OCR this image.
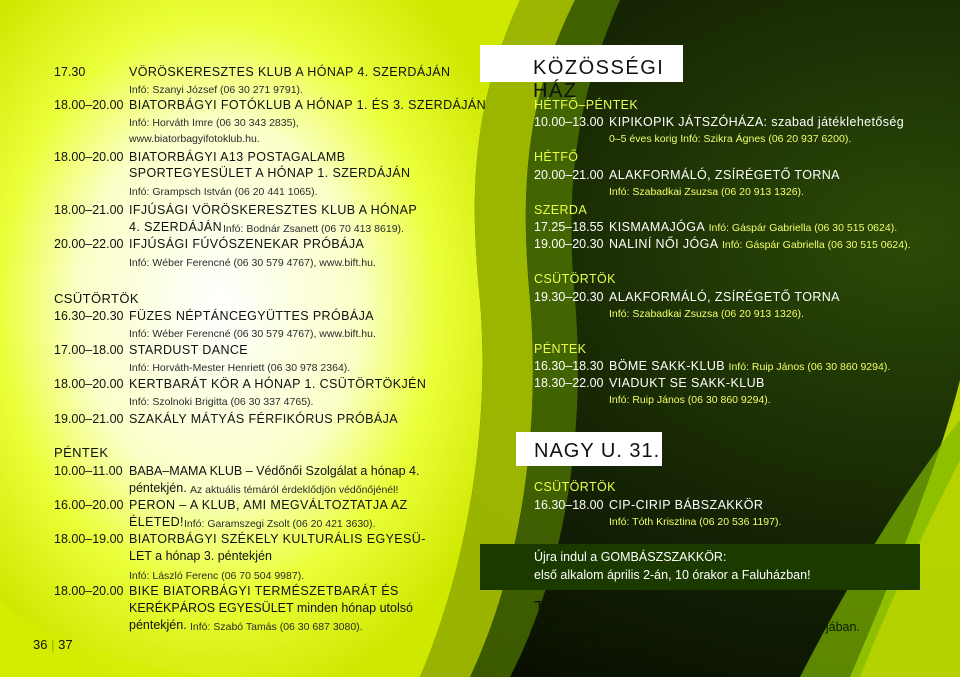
17.30	VÖRÖSKERESZTES KLUB A HÓNAP 4. SZERDÁJÁN
Infó: Szanyi József (06 30 271 9791).
18.00–20.00 BIATORBÁGYI FOTÓKLUB A HÓNAP 1. ÉS 3. SZERDÁJÁN
Infó: Horváth Imre (06 30 343 2835),
www.biatorbagyifotoklub.hu.
18.00–20.00 BIATORBÁGYI A13 POSTAGALAMB
SPORTEGYESÜLET A HÓNAP 1. SZERDÁJÁN
Infó: Grampsch István (06 20 441 1065).
18.00–21.00 IFJÚSÁGI VÖRÖSKERESZTES KLUB A HÓNAP
4. SZERDÁJÁN Infó: Bodnár Zsanett (06 70 413 8619).
20.00–22.00 IFJÚSÁGI FÚVÓSZENEKAR PRÓBÁJA
Infó: Wéber Ferencné (06 30 579 4767), www.bift.hu.
CSÜTÖRTÖK
16.30–20.30 FÜZES NÉPTÁNCEGYÜTTES PRÓBÁJA
Infó: Wéber Ferencné (06 30 579 4767), www.bift.hu.
17.00–18.00 STARDUST DANCE
Infó: Horváth-Mester Henriett (06 30 978 2364).
18.00–20.00 KERTBARÁT KÖR A HÓNAP 1. CSÜTÖRTÖKJÉN
Infó: Szolnoki Brigitta (06 30 337 4765).
19.00–21.00 SZAKÁLY MÁTYÁS FÉRFIKÓRUS PRÓBÁJA
PÉNTEK
10.00–11.00 BABA–MAMA KLUB – Védőnői Szolgálat a hónap 4.
péntekjén. Az aktuális témáról érdeklődjön védőnőjénél!
16.00–20.00 PERON – A KLUB, AMI MEGVÁLTOZTATJA AZ
ÉLETED! Infó: Garamszegi Zsolt (06 20 421 3630).
18.00–19.00 BIATORBÁGYI SZÉKELY KULTURÁLIS EGYESÜ-
LET a hónap 3. péntekjén
Infó: László Ferenc (06 70 504 9987).
18.00–20.00 BIKE BIATORBÁGYI TERMÉSZETBARÁT ÉS
KERÉKPÁROS EGYESÜLET minden hónap utolsó
péntekjén. Infó: Szabó Tamás (06 30 687 3080).
36 | 37
KÖZÖSSÉGI HÁZ
HÉTFŐ–PÉNTEK
10.00–13.00 KIPIKOPIK JÁTSZÓHÁZA: szabad játéklehetőség
0–5 éves korig Infó: Szikra Ágnes (06 20 937 6200).
HÉTFŐ
20.00–21.00 ALAKFORMÁLÓ, ZSÍRÉGETŐ TORNA
Infó: Szabadkai Zsuzsa (06 20 913 1326).
SZERDA
17.25–18.55 KISMAMAJÓGA Infó: Gáspár Gabriella (06 30 515 0624).
19.00–20.30 NALINÍ NŐI JÓGA Infó: Gáspár Gabriella (06 30 515 0624).
CSÜTÖRTÖK
19.30–20.30 ALAKFORMÁLÓ, ZSÍRÉGETŐ TORNA
Infó: Szabadkai Zsuzsa (06 20 913 1326).
PÉNTEK
16.30–18.30 BÖME SAKK-KLUB Infó: Ruip János (06 30 860 9294).
18.30–22.00 VIADUKT SE SAKK-KLUB
Infó: Ruip János (06 30 860 9294).
NAGY U. 31.
CSÜTÖRTÖK
16.30–18.00 CIP-CIRIP BÁBSZAKKÖR
Infó: Tóth Krisztina (06 20 536 1197).
Újra indul a GOMBÁSZSZAKKÖR:
első alkalom április 2-án, 10 órakor a Faluházban!
TERMELŐI PIAC
Minden szombaton 7.00–12.00-ig, a Faluház parkolójában.
További információ Facebookon: Termelői Piac Biatorbágy.
